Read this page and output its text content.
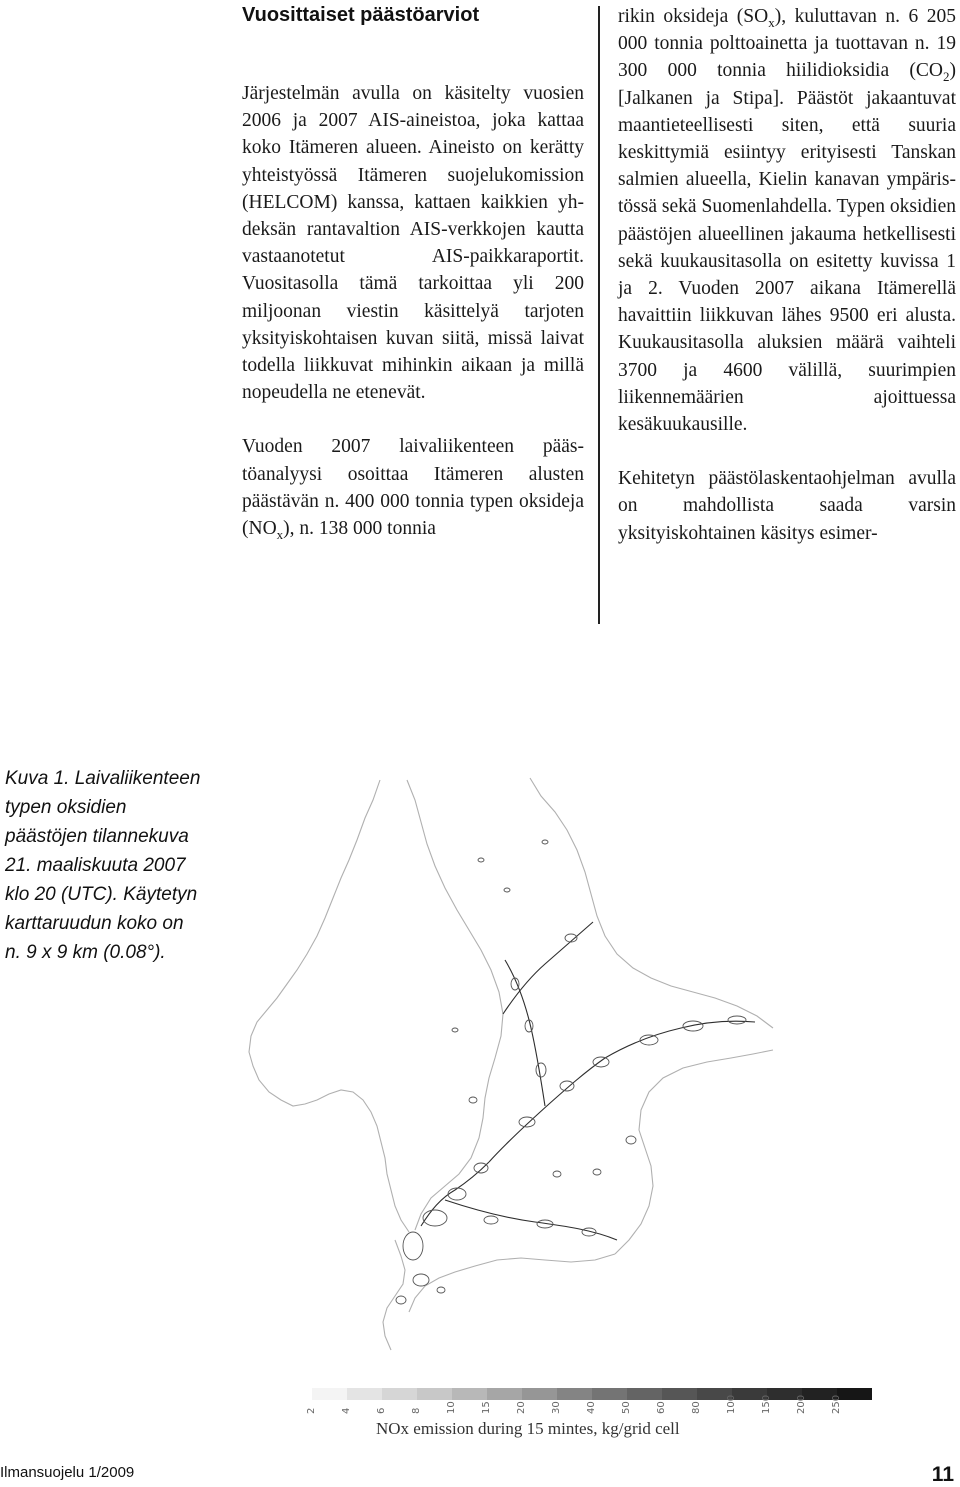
Vuosittaiset päästöarviot

Järjestelmän avulla on käsitelty vuosien 2006 ja 2007 AIS-aineistoa, joka kattaa koko Itämeren alueen. Aineisto on kerätty yhteistyössä Itämeren suojelukomission (HELCOM) kanssa, kattaen kaikkien yhdeksän rantavaltion AIS-verkkojen kautta vastaanotetut AIS-paikkaraportit. Vuositasolla tämä tarkoittaa yli 200 miljoonan viestin käsittelyä tarjoten yksityiskohtaisen kuvan siitä, missä laivat todella liikkuvat mihinkin aikaan ja millä nopeudella ne etenevät.

Vuoden 2007 laivaliikenteen päästöanalyysi osoittaa Itämeren alusten päästävän n. 400 000 tonnia typen oksideja $(NO_x)$, n. 138 000 tonnia

rikin oksideja $(SO_x)$, kuluttavan n. 6 205 000 tonnia polttoainetta ja tuottavan n. 19 300 000 tonnia hiilidioksidia $(CO_2)$ [Jalkanen ja Stipa]. Päästöt jakaantuvat maantieteellisesti siten, että suuria keskittymiä esiintyy erityisesti Tanskan salmien alueella, Kielin kanavan ympäristössä sekä Suomenlahdella. Typen oksidien päästöjen alueellinen jakauma hetkellisesti sekä kuukausitasolla on esitetty kuvissa 1 ja 2. Vuoden 2007 aikana Itämerellä havaittiin liikkuvan lähes 9500 eri alusta. Kuukausitasolla aluksien määrä vaihteli 3700 ja 4600 välillä, suurimpien liikennemäärien ajoittuessa kesäkuukausille.

Kehitetyn päästölaskentaohjelman avulla on mahdollista saada varsin yksityiskohtainen käsitys esimer-

Kuva 1. Laivaliikenteen typen oksidien päästöjen tilannekuva 21. maaliskuuta 2007 klo 20 (UTC). Käytetyn karttaruudun koko on n. 9 x 9 km (0.08°).
2 4 6 8 10 15 20 30 40 50 60 80 100 150 200 250
NOx emission during 15 mintes, kg/grid cell
Ilmansuojelu 1/2009	11
